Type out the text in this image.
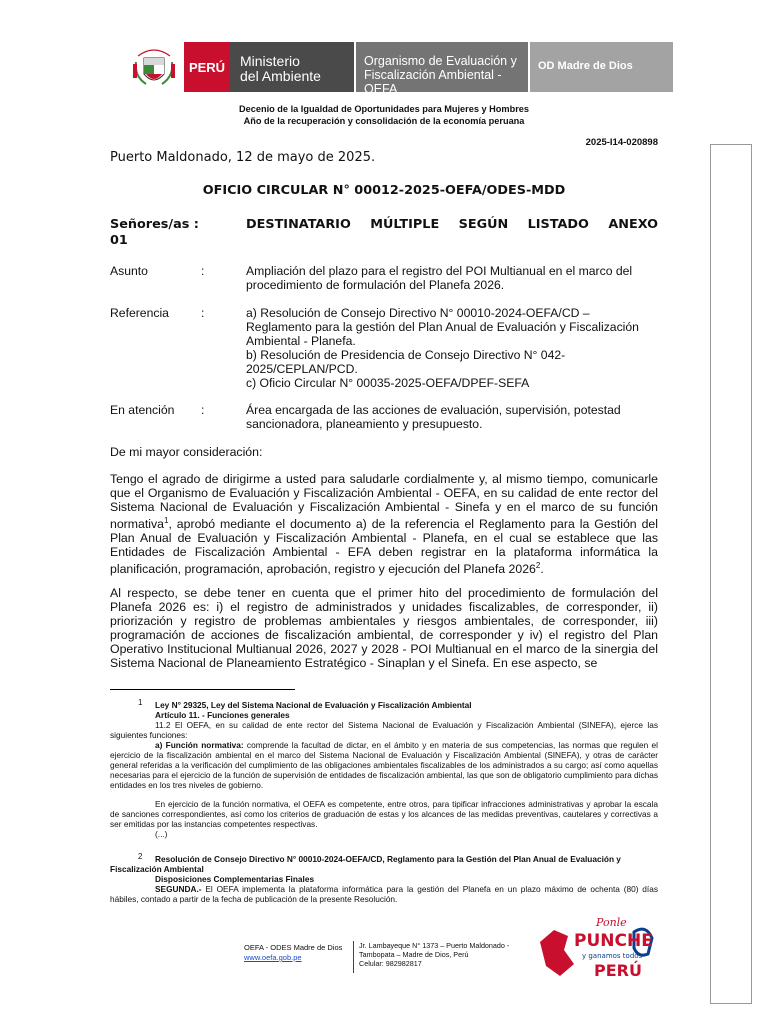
PERÚ	Ministerio
del Ambiente
Organismo de Evaluación y
Fiscalización Ambiental - OEFA
OD Madre de Dios
Decenio de la Igualdad de Oportunidades para Mujeres y Hombres
Año de la recuperación y consolidación de la economía peruana
2025-I14-020898
Puerto Maldonado, 12 de mayo de 2025.
OFICIO CIRCULAR N° 00012-2025-OEFA/ODES-MDD
Señores/as :
01
DESTINATARIO MÚLTIPLE SEGÚN LISTADO ANEXO
Asunto	:	Ampliación del plazo para el registro del POI Multianual en el marco del procedimiento de formulación del Planefa 2026.
Referencia	:	a) Resolución de Consejo Directivo N° 00010-2024-OEFA/CD – Reglamento para la gestión del Plan Anual de Evaluación y Fiscalización Ambiental - Planefa.
b) Resolución de Presidencia de Consejo Directivo N° 042-2025/CEPLAN/PCD.
c) Oficio Circular N° 00035-2025-OEFA/DPEF-SEFA
En atención :	Área encargada de las acciones de evaluación, supervisión, potestad sancionadora, planeamiento y presupuesto.
De mi mayor consideración:
Tengo el agrado de dirigirme a usted para saludarle cordialmente y, al mismo tiempo, comunicarle que el Organismo de Evaluación y Fiscalización Ambiental - OEFA, en su calidad de ente rector del Sistema Nacional de Evaluación y Fiscalización Ambiental - Sinefa y en el marco de su función normativa$^1$, aprobó mediante el documento a) de la referencia el Reglamento para la Gestión del Plan Anual de Evaluación y Fiscalización Ambiental - Planefa, en el cual se establece que las Entidades de Fiscalización Ambiental - EFA deben registrar en la plataforma informática la planificación, programación, aprobación, registro y ejecución del Planefa 2026$^2$.
Al respecto, se debe tener en cuenta que el primer hito del procedimiento de formulación del Planefa 2026 es: i) el registro de administrados y unidades fiscalizables, de corresponder, ii) priorización y registro de problemas ambientales y riesgos ambientales, de corresponder, iii) programación de acciones de fiscalización ambiental, de corresponder y iv) el registro del Plan Operativo Institucional Multianual 2026, 2027 y 2028 - POI Multianual en el marco de la sinergia del Sistema Nacional de Planeamiento Estratégico - Sinaplan y el Sinefa. En ese aspecto, se
1	Ley N° 29325, Ley del Sistema Nacional de Evaluación y Fiscalización Ambiental
Artículo 11. - Funciones generales
11.2 El OEFA, en su calidad de ente rector del Sistema Nacional de Evaluación y Fiscalización Ambiental (SINEFA), ejerce las siguientes funciones:
a) Función normativa: comprende la facultad de dictar, en el ámbito y en materia de sus competencias, las normas que regulen el ejercicio de la fiscalización ambiental en el marco del Sistema Nacional de Evaluación y Fiscalización Ambiental (SINEFA), y otras de carácter general referidas a la verificación del cumplimiento de las obligaciones ambientales fiscalizables de los administrados a su cargo; así como aquellas necesarias para el ejercicio de la función de supervisión de entidades de fiscalización ambiental, las que son de obligatorio cumplimiento para dichas entidades en los tres niveles de gobierno.
En ejercicio de la función normativa, el OEFA es competente, entre otros, para tipificar infracciones administrativas y aprobar la escala de sanciones correspondientes, así como los criterios de graduación de estas y los alcances de las medidas preventivas, cautelares y correctivas a ser emitidas por las instancias competentes respectivas.
(...)
2	Resolución de Consejo Directivo N° 00010-2024-OEFA/CD, Reglamento para la Gestión del Plan Anual de Evaluación y Fiscalización Ambiental
Disposiciones Complementarias Finales
SEGUNDA.- El OEFA implementa la plataforma informática para la gestión del Planefa en un plazo máximo de ochenta (80) días hábiles, contado a partir de la fecha de publicación de la presente Resolución.
OEFA - ODES Madre de Dios
www.oefa.gob.pe
Jr. Lambayeque N° 1373 – Puerto Maldonado -
Tambopata – Madre de Dios, Perú
Celular: 982982817
Ponle
PUNCHE
y ganamos todos
PERÚ
